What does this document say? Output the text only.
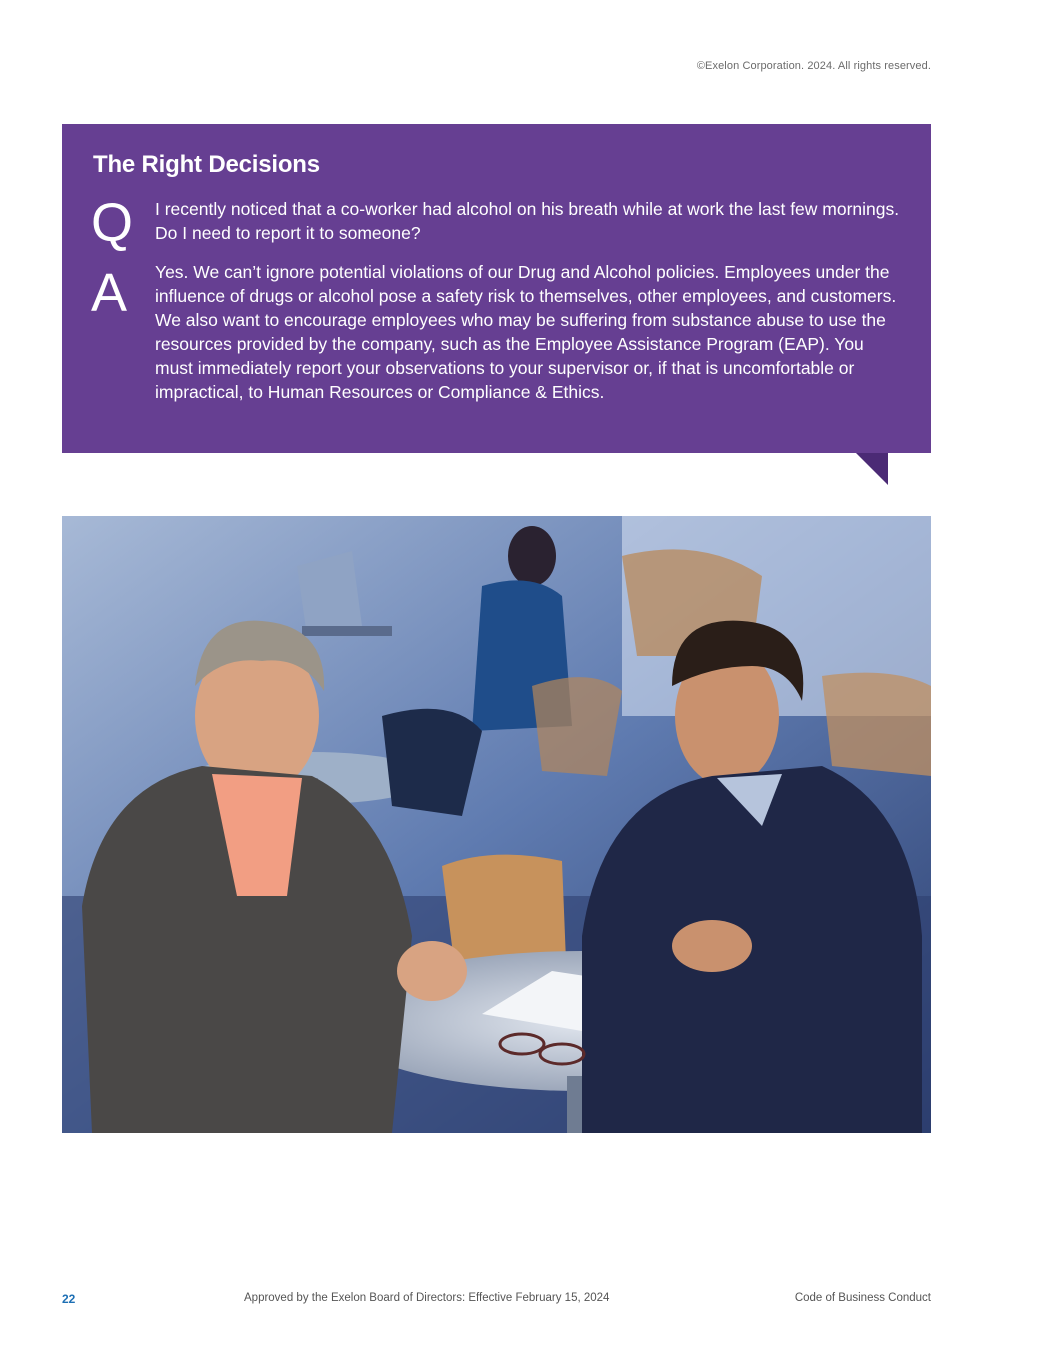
©Exelon Corporation. 2024. All rights reserved.
The Right Decisions
Q I recently noticed that a co-worker had alcohol on his breath while at work the last few mornings. Do I need to report it to someone?

A Yes. We can’t ignore potential violations of our Drug and Alcohol policies. Employees under the influence of drugs or alcohol pose a safety risk to themselves, other employees, and customers. We also want to encourage employees who may be suffering from substance abuse to use the resources provided by the company, such as the Employee Assistance Program (EAP). You must immediately report your observations to your supervisor or, if that is uncomfortable or impractical, to Human Resources or Compliance & Ethics.

22	Approved by the Exelon Board of Directors: Effective February 15, 2024	Code of Business Conduct
